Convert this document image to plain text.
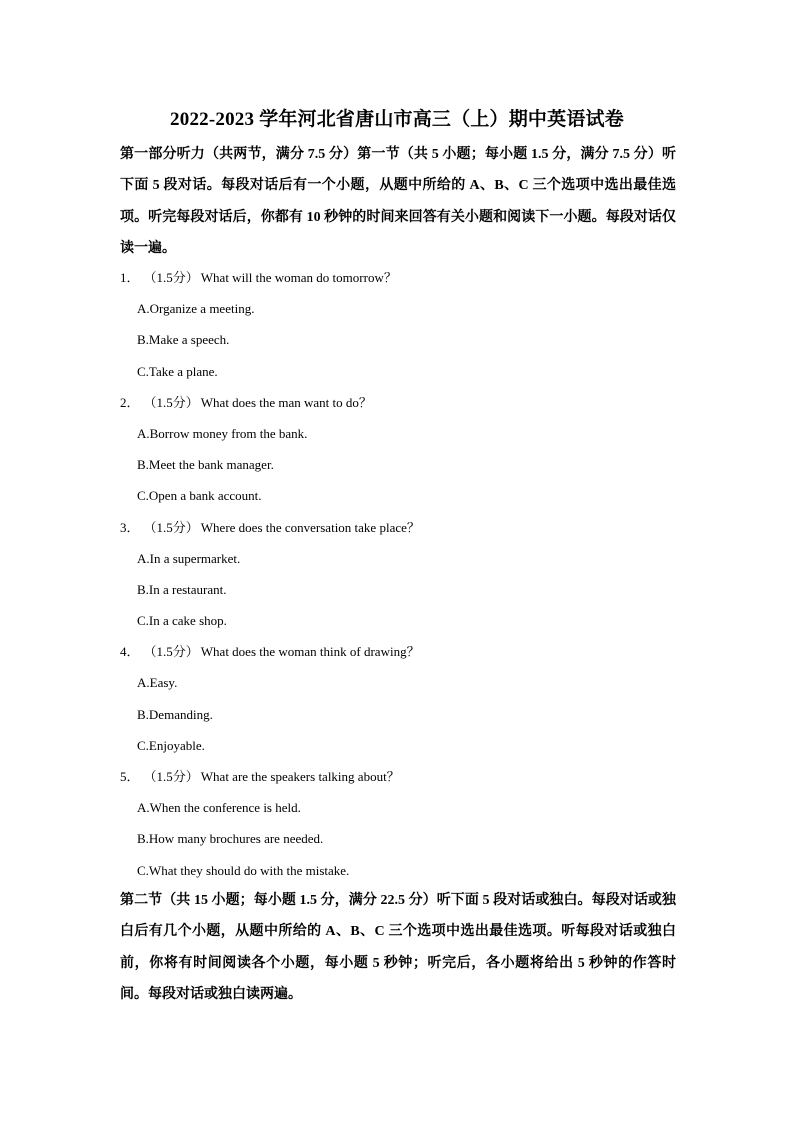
2022-2023 学年河北省唐山市高三（上）期中英语试卷
第一部分听力（共两节，满分 7.5 分）第一节（共 5 小题；每小题 1.5 分，满分 7.5 分）听下面 5 段对话。每段对话后有一个小题，从题中所给的 A、B、C 三个选项中选出最佳选项。听完每段对话后，你都有 10 秒钟的时间来回答有关小题和阅读下一小题。每段对话仅读一遍。
1． （1.5分） What will the woman do tomorrow？
A.Organize a meeting.
B.Make a speech.
C.Take a plane.
2． （1.5分） What does the man want to do？
A.Borrow money from the bank.
B.Meet the bank manager.
C.Open a bank account.
3． （1.5分） Where does the conversation take place？
A.In a supermarket.
B.In a restaurant.
C.In a cake shop.
4． （1.5分） What does the woman think of drawing？
A.Easy.
B.Demanding.
C.Enjoyable.
5． （1.5分） What are the speakers talking about？
A.When the conference is held.
B.How many brochures are needed.
C.What they should do with the mistake.
第二节（共 15 小题；每小题 1.5 分，满分 22.5 分）听下面 5 段对话或独白。每段对话或独白后有几个小题，从题中所给的 A、B、C 三个选项中选出最佳选项。听每段对话或独白前，你将有时间阅读各个小题，每小题 5 秒钟；听完后，各小题将给出 5 秒钟的作答时间。每段对话或独白读两遍。
